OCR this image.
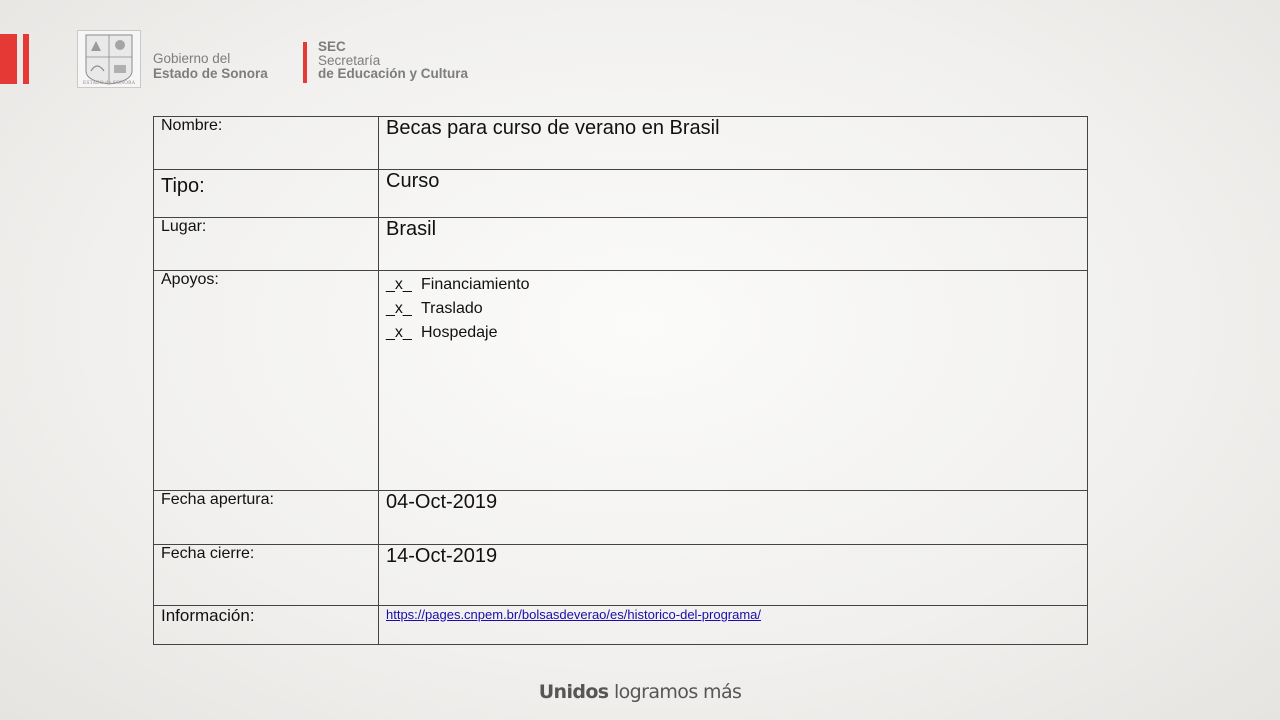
ESTADO de SONORA
Gobierno del
Estado de Sonora
SEC
Secretaría
de Educación y Cultura
Nombre:	Becas para curso de verano en Brasil
Tipo:	Curso
Lugar:	Brasil
Apoyos:	_x_ Financiamiento
_x_ Traslado
_x_ Hospedaje

Fecha apertura:	04-Oct-2019
Fecha cierre:	14-Oct-2019
Información:	https://pages.cnpem.br/bolsasdeverao/es/historico-del-programa/
Unidos logramos más
